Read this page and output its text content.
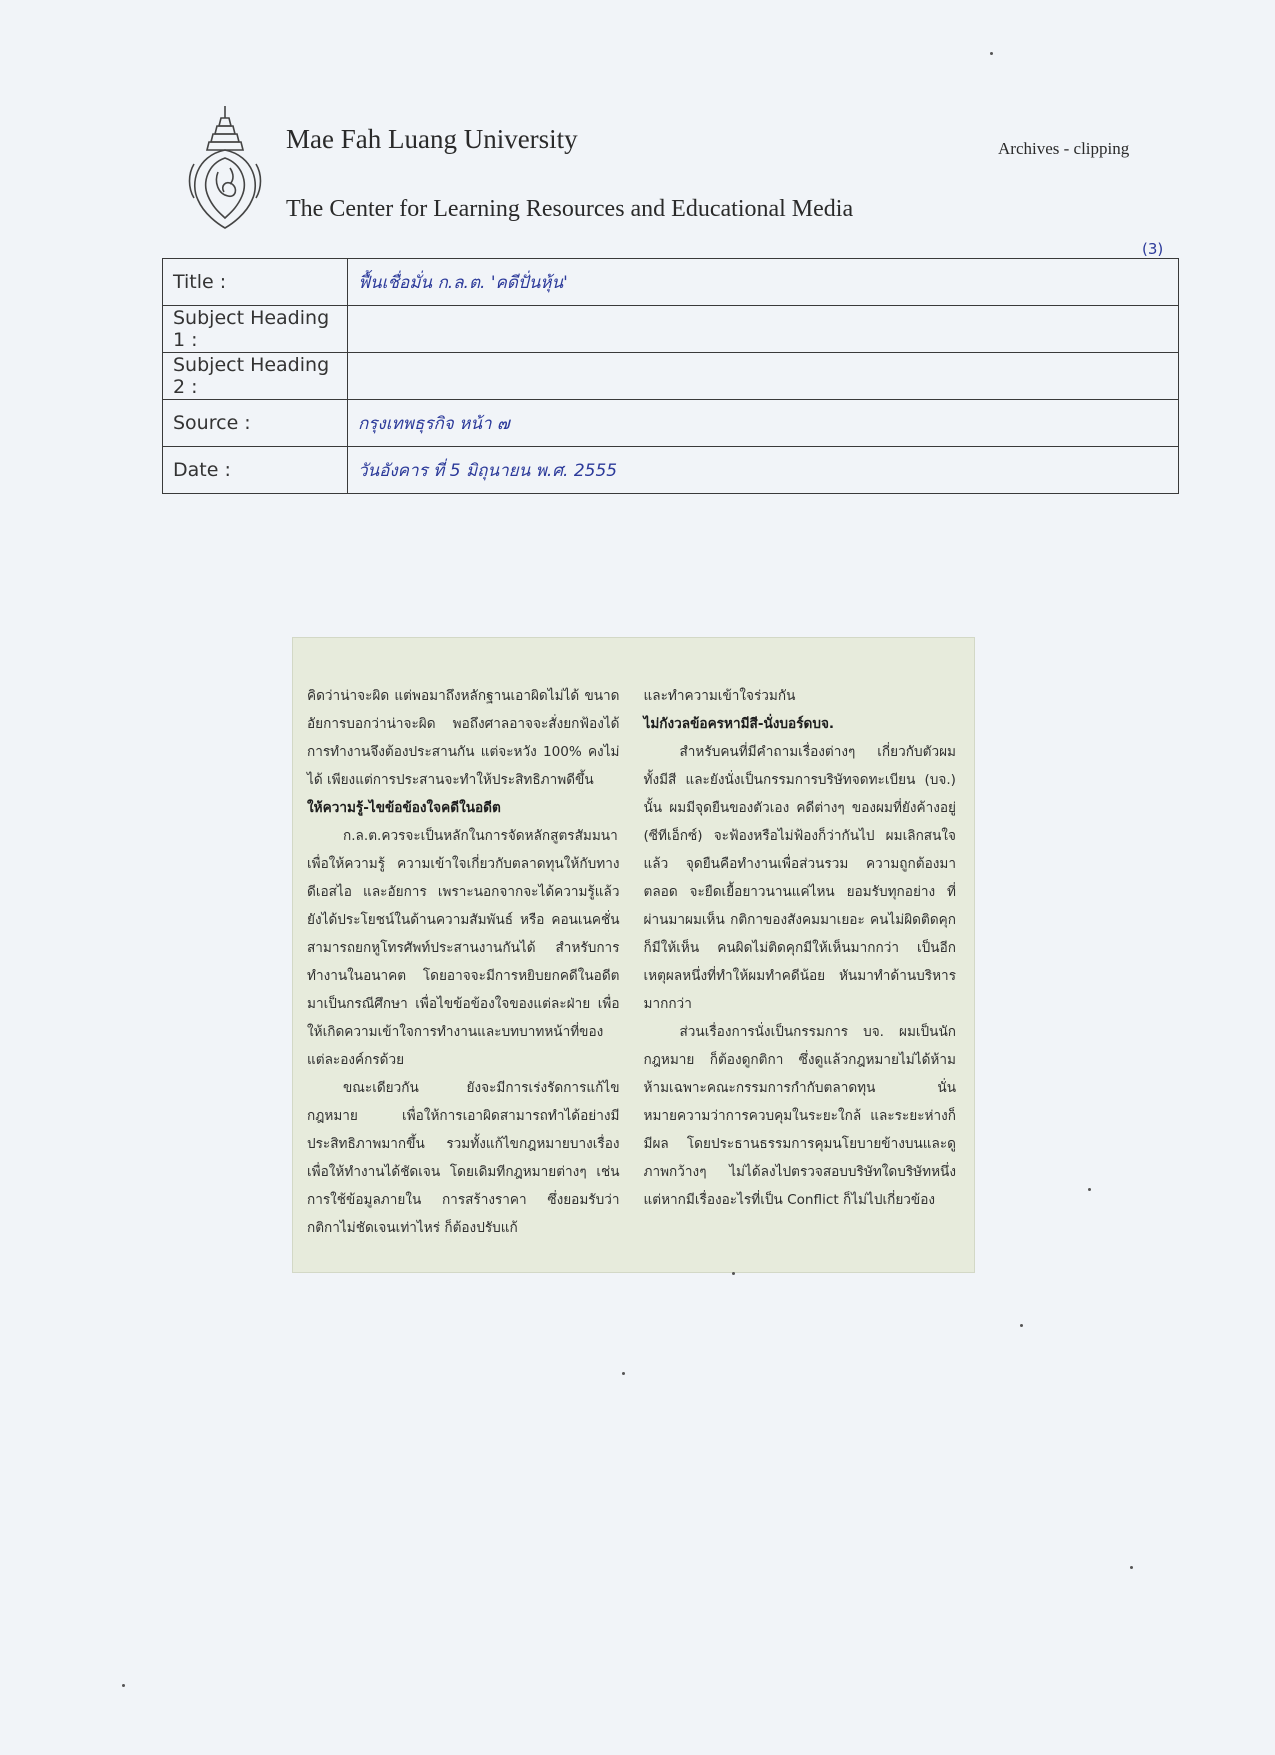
Mae Fah Luang University
The Center for Learning Resources and Educational Media
Archives - clipping
(3)
Title :	ฟื้นเชื่อมั่น ก.ล.ต. 'คดีปั่นหุ้น'
Subject Heading 1 :	
Subject Heading 2 :	
Source :	กรุงเทพธุรกิจ หน้า ๗
Date :	วันอังคาร ที่ 5 มิถุนายน พ.ศ. 2555

คิดว่าน่าจะผิด แต่พอมาถึงหลักฐานเอาผิดไม่ได้ ขนาดอัยการบอกว่าน่าจะผิด พอถึงศาลอาจจะสั่งยกฟ้องได้ การทำงานจึงต้องประสานกัน แต่จะหวัง 100% คงไม่ได้ เพียงแต่การประสานจะทำให้ประสิทธิภาพดีขึ้น

ให้ความรู้-ไขข้อข้องใจคดีในอดีต

ก.ล.ต.ควรจะเป็นหลักในการจัดหลักสูตรสัมมนาเพื่อให้ความรู้ ความเข้าใจเกี่ยวกับตลาดทุนให้กับทางดีเอสไอ และอัยการ เพราะนอกจากจะได้ความรู้แล้ว ยังได้ประโยชน์ในด้านความสัมพันธ์ หรือ คอนเนคชั่น สามารถยกหูโทรศัพท์ประสานงานกันได้ สำหรับการทำงานในอนาคต โดยอาจจะมีการหยิบยกคดีในอดีตมาเป็นกรณีศึกษา เพื่อไขข้อข้องใจของแต่ละฝ่าย เพื่อให้เกิดความเข้าใจการทำงานและบทบาทหน้าที่ของแต่ละองค์กรด้วย

ขณะเดียวกัน ยังจะมีการเร่งรัดการแก้ไขกฎหมาย เพื่อให้การเอาผิดสามารถทำได้อย่างมีประสิทธิภาพมากขึ้น รวมทั้งแก้ไขกฎหมายบางเรื่องเพื่อให้ทำงานได้ชัดเจน โดยเดิมทีกฎหมายต่างๆ เช่นการใช้ข้อมูลภายใน การสร้างราคา ซึ่งยอมรับว่ากติกาไม่ชัดเจนเท่าไหร่ ก็ต้องปรับแก้

และทำความเข้าใจร่วมกัน

ไม่กังวลข้อครหามีสี-นั่งบอร์ดบจ.

สำหรับคนที่มีคำถามเรื่องต่างๆ เกี่ยวกับตัวผม ทั้งมีสี และยังนั่งเป็นกรรมการบริษัทจดทะเบียน (บจ.) นั้น ผมมีจุดยืนของตัวเอง คดีต่างๆ ของผมที่ยังค้างอยู่ (ซีทีเอ็กซ์) จะฟ้องหรือไม่ฟ้องก็ว่ากันไป ผมเลิกสนใจแล้ว จุดยืนคือทำงานเพื่อส่วนรวม ความถูกต้องมาตลอด จะยืดเยื้อยาวนานแค่ไหน ยอมรับทุกอย่าง ที่ผ่านมาผมเห็น กติกาของสังคมมาเยอะ คนไม่ผิดติดคุกก็มีให้เห็น คนผิดไม่ติดคุกมีให้เห็นมากกว่า เป็นอีกเหตุผลหนึ่งที่ทำให้ผมทำคดีน้อย หันมาทำด้านบริหารมากกว่า

ส่วนเรื่องการนั่งเป็นกรรมการ บจ. ผมเป็นนักกฎหมาย ก็ต้องดูกติกา ซึ่งดูแล้วกฎหมายไม่ได้ห้าม ห้ามเฉพาะคณะกรรมการกำกับตลาดทุน นั่นหมายความว่าการควบคุมในระยะใกล้ และระยะห่างก็มีผล โดยประธานธรรมการคุมนโยบายข้างบนและดูภาพกว้างๆ ไม่ได้ลงไปตรวจสอบบริษัทใดบริษัทหนึ่ง แต่หากมีเรื่องอะไรที่เป็น Conflict ก็ไม่ไปเกี่ยวข้อง
